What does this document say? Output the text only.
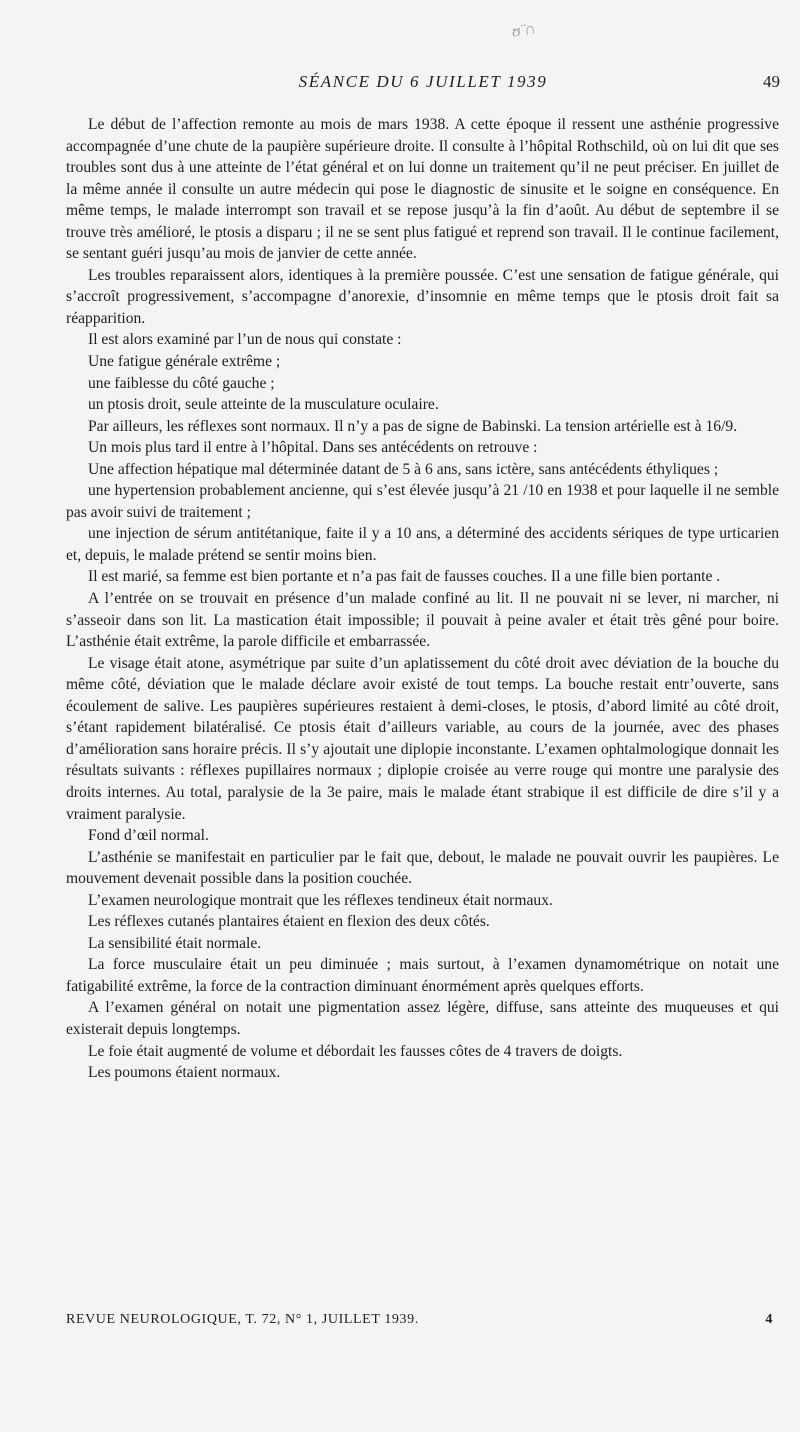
ʊ̈ ∩
SÉANCE DU 6 JUILLET 1939	49

Le début de l’affection remonte au mois de mars 1938. A cette époque il ressent une asthénie progressive accompagnée d’une chute de la paupière supérieure droite. Il consulte à l’hôpital Rothschild, où on lui dit que ses troubles sont dus à une atteinte de l’état général et on lui donne un traitement qu’il ne peut préciser. En juillet de la même année il consulte un autre médecin qui pose le diagnostic de sinusite et le soigne en conséquence. En même temps, le malade interrompt son travail et se repose jusqu’à la fin d’août. Au début de septembre il se trouve très amélioré, le ptosis a disparu ; il ne se sent plus fatigué et reprend son travail. Il le continue facilement, se sentant guéri jusqu’au mois de janvier de cette année.

Les troubles reparaissent alors, identiques à la première poussée. C’est une sensation de fatigue générale, qui s’accroît progressivement, s’accompagne d’anorexie, d’insomnie en même temps que le ptosis droit fait sa réapparition.

Il est alors examiné par l’un de nous qui constate :

Une fatigue générale extrême ;

une faiblesse du côté gauche ;

un ptosis droit, seule atteinte de la musculature oculaire.

Par ailleurs, les réflexes sont normaux. Il n’y a pas de signe de Babinski. La tension artérielle est à 16/9.

Un mois plus tard il entre à l’hôpital. Dans ses antécédents on retrouve :

Une affection hépatique mal déterminée datant de 5 à 6 ans, sans ictère, sans antécédents éthyliques ;

une hypertension probablement ancienne, qui s’est élevée jusqu’à 21 /10 en 1938 et pour laquelle il ne semble pas avoir suivi de traitement ;

une injection de sérum antitétanique, faite il y a 10 ans, a déterminé des accidents sériques de type urticarien et, depuis, le malade prétend se sentir moins bien.

Il est marié, sa femme est bien portante et n’a pas fait de fausses couches. Il a une fille bien portante .

A l’entrée on se trouvait en présence d’un malade confiné au lit. Il ne pouvait ni se lever, ni marcher, ni s’asseoir dans son lit. La mastication était impossible; il pouvait à peine avaler et était très gêné pour boire. L’asthénie était extrême, la parole difficile et embarrassée.

Le visage était atone, asymétrique par suite d’un aplatissement du côté droit avec déviation de la bouche du même côté, déviation que le malade déclare avoir existé de tout temps. La bouche restait entr’ouverte, sans écoulement de salive. Les paupières supérieures restaient à demi-closes, le ptosis, d’abord limité au côté droit, s’étant rapidement bilatéralisé. Ce ptosis était d’ailleurs variable, au cours de la journée, avec des phases d’amélioration sans horaire précis. Il s’y ajoutait une diplopie inconstante. L’examen ophtalmologique donnait les résultats suivants : réflexes pupillaires normaux ; diplopie croisée au verre rouge qui montre une paralysie des droits internes. Au total, paralysie de la 3e paire, mais le malade étant strabique il est difficile de dire s’il y a vraiment paralysie.

Fond d’œil normal.

L’asthénie se manifestait en particulier par le fait que, debout, le malade ne pouvait ouvrir les paupières. Le mouvement devenait possible dans la position couchée.

L’examen neurologique montrait que les réflexes tendineux était normaux.

Les réflexes cutanés plantaires étaient en flexion des deux côtés.

La sensibilité était normale.

La force musculaire était un peu diminuée ; mais surtout, à l’examen dynamométrique on notait une fatigabilité extrême, la force de la contraction diminuant énormément après quelques efforts.

A l’examen général on notait une pigmentation assez légère, diffuse, sans atteinte des muqueuses et qui existerait depuis longtemps.

Le foie était augmenté de volume et débordait les fausses côtes de 4 travers de doigts.

Les poumons étaient normaux.

REVUE NEUROLOGIQUE, T. 72, N° 1, JUILLET 1939.	4
